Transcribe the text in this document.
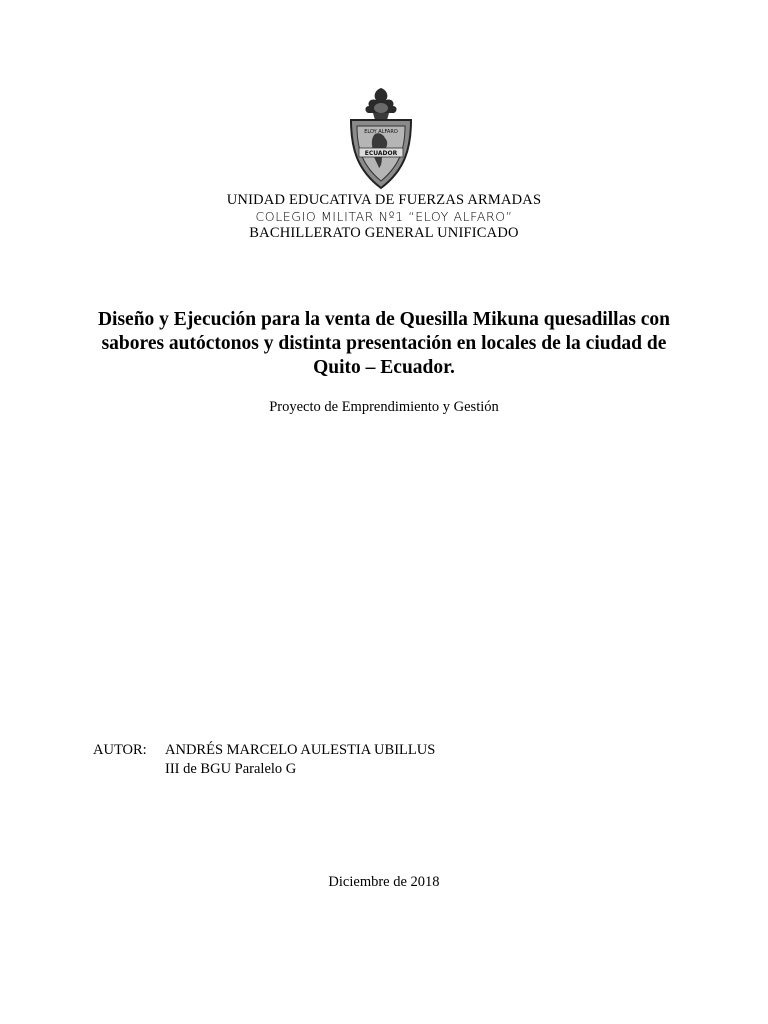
ECUADOR
ELOY ALFARO
UNIDAD EDUCATIVA DE FUERZAS ARMADAS
COLEGIO MILITAR Nº1 “ELOY ALFARO”
BACHILLERATO GENERAL UNIFICADO
Diseño y Ejecución para la venta de Quesilla Mikuna quesadillas con sabores autóctonos y distinta presentación en locales de la ciudad de Quito – Ecuador.
Proyecto de Emprendimiento y Gestión
AUTOR: ANDRÉS MARCELO AULESTIA UBILLUS
III de BGU Paralelo G
Diciembre de 2018
